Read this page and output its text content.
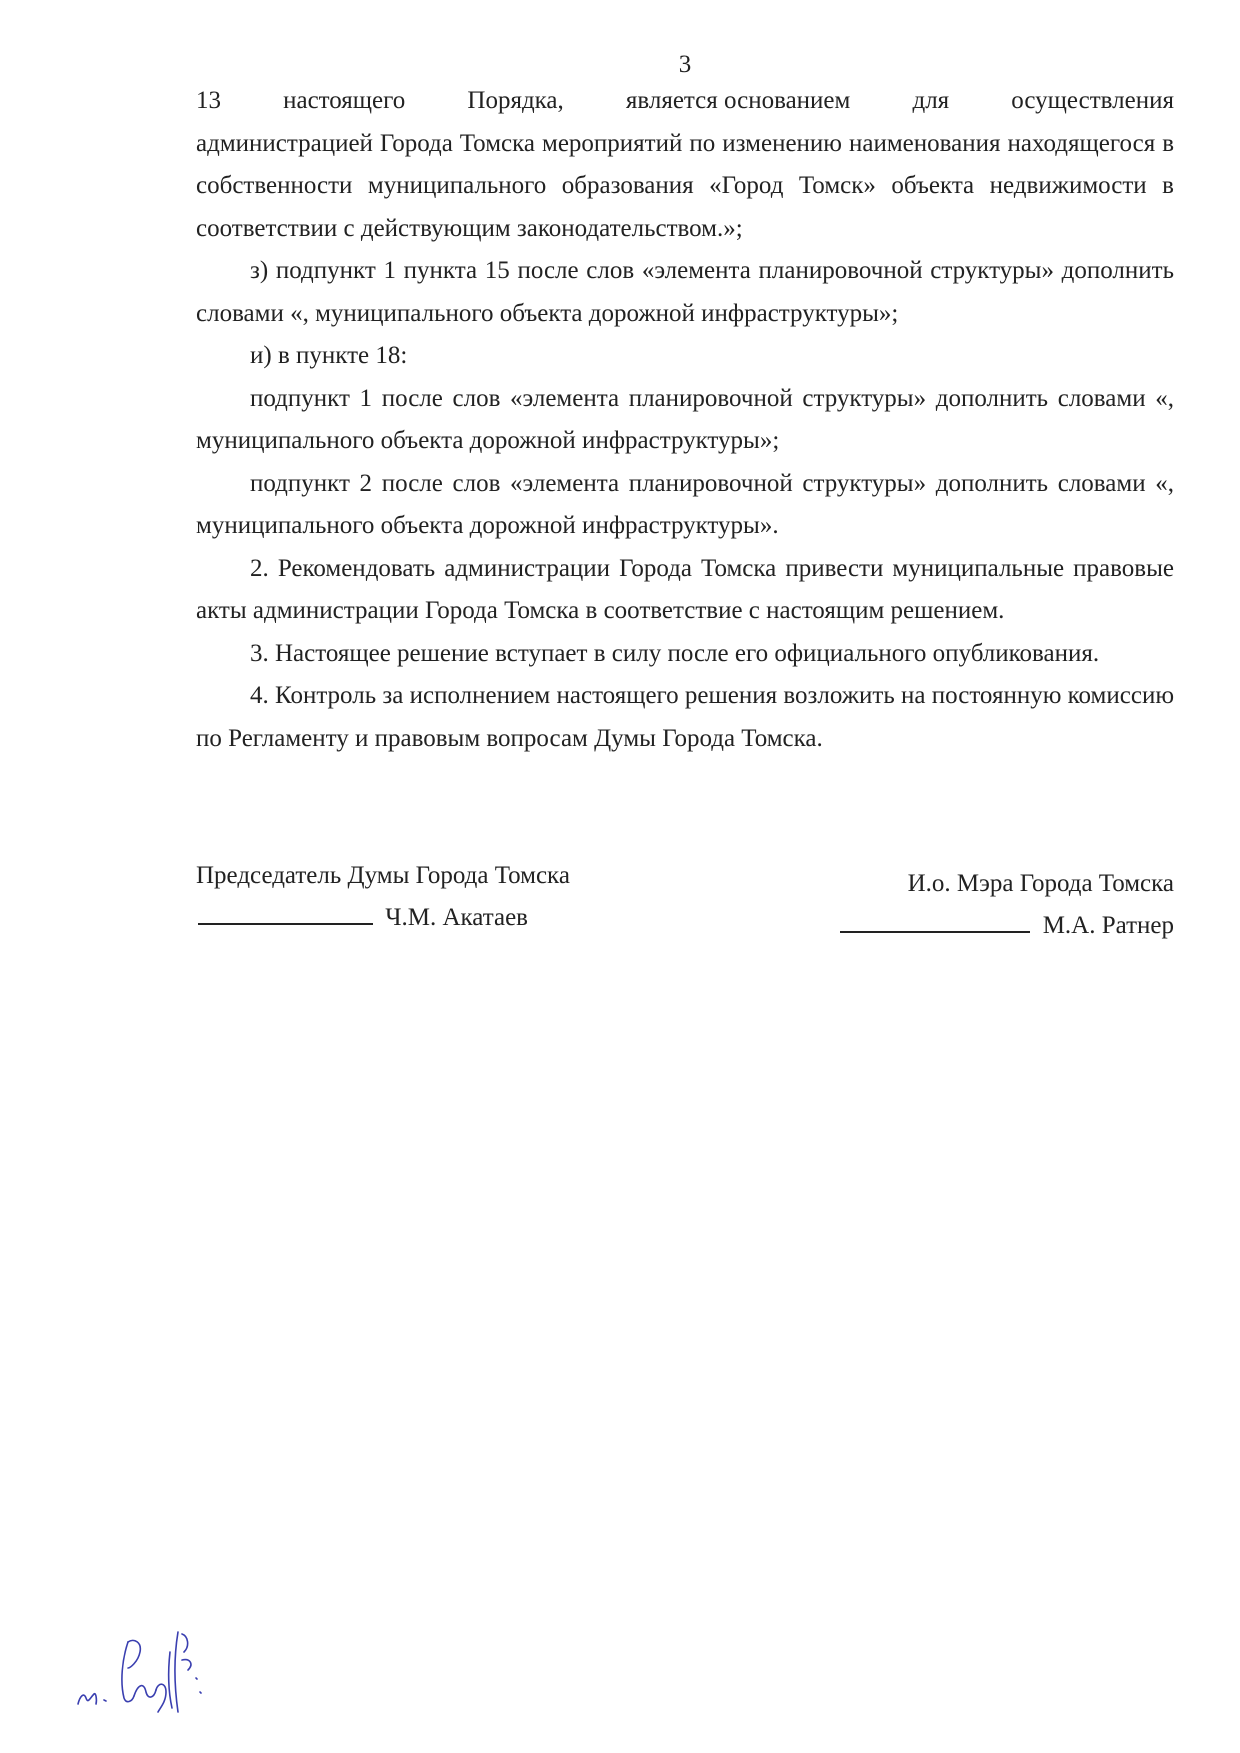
3
13 настоящего Порядка, является основанием для осуществления

администрацией Города Томска мероприятий по изменению наименования находящегося в собственности муниципального образования «Город Томск» объекта недвижимости в соответствии с действующим законодательством.»;

з) подпункт 1 пункта 15 после слов «элемента планировочной структуры» дополнить словами «, муниципального объекта дорожной инфраструктуры»;

и) в пункте 18:

подпункт 1 после слов «элемента планировочной структуры» дополнить словами «, муниципального объекта дорожной инфраструктуры»;

подпункт 2 после слов «элемента планировочной структуры» дополнить словами «, муниципального объекта дорожной инфраструктуры».

2. Рекомендовать администрации Города Томска привести муниципальные правовые акты администрации Города Томска в соответствие с настоящим решением.

3. Настоящее решение вступает в силу после его официального опубликования.

4. Контроль за исполнением настоящего решения возложить на постоянную комиссию по Регламенту и правовым вопросам Думы Города Томска.

Председатель Думы Города Томска
Ч.М. Акатаев
И.о. Мэра Города Томска
М.А. Ратнер
